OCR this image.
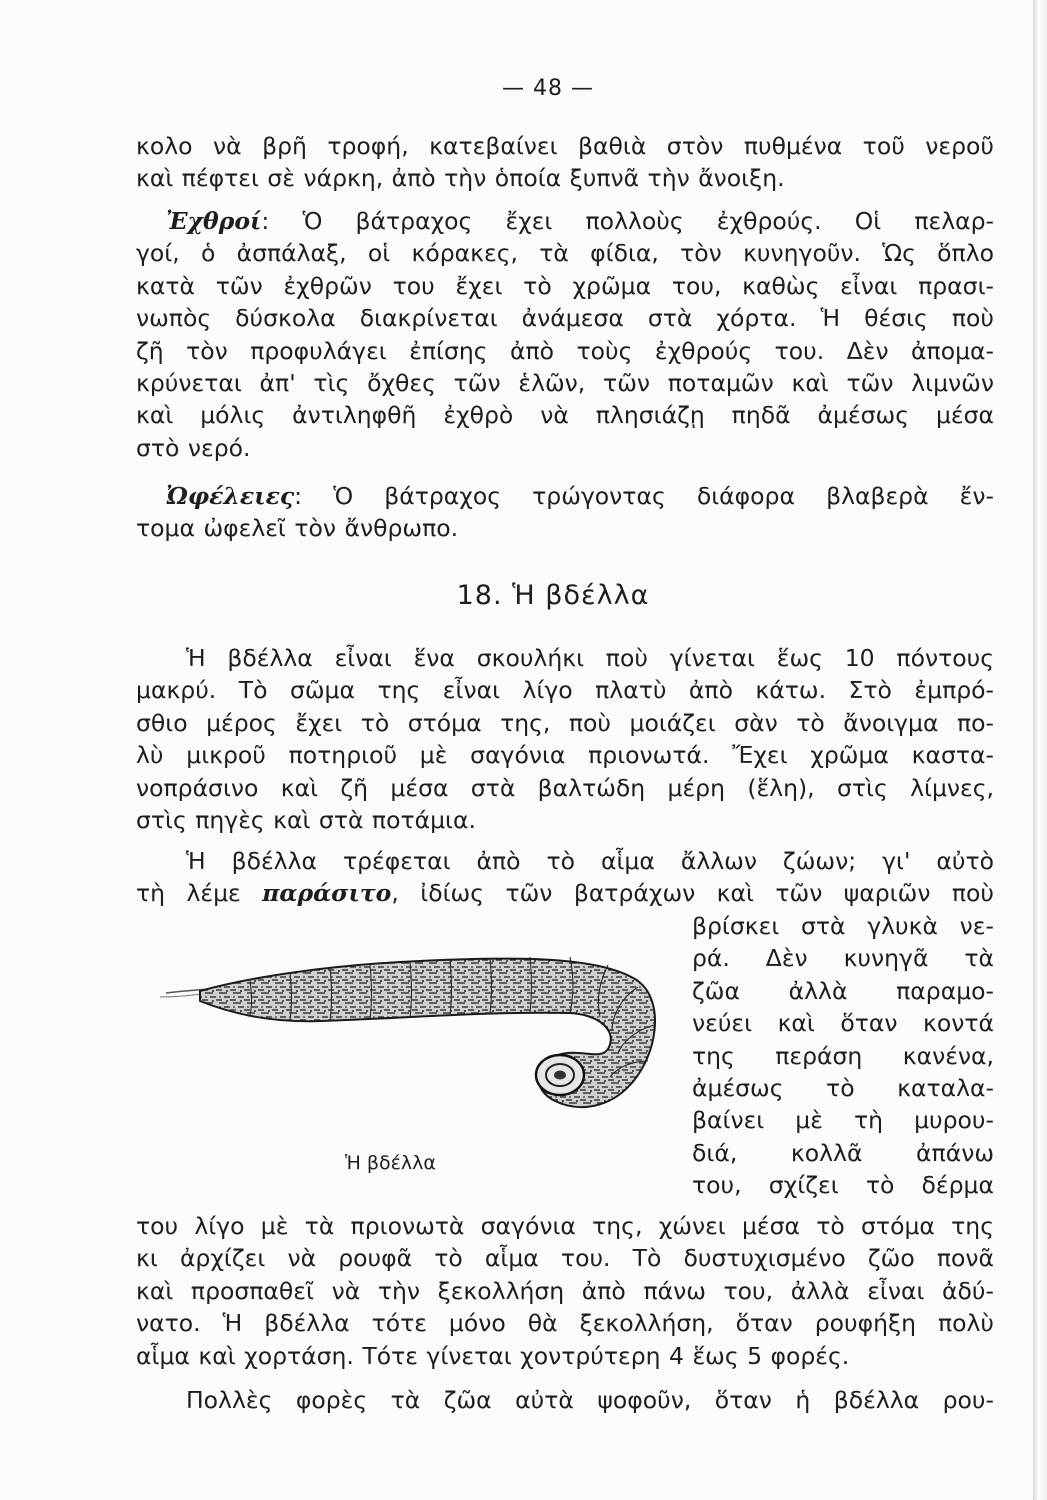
— 48 —
κολο νὰ βρῆ τροφή, κατεβαίνει βαθιὰ στὸν πυθμένα τοῦ νεροῦ
καὶ πέφτει σὲ νάρκη, ἀπὸ τὴν ὁποία ξυπνᾶ τὴν ἄνοιξη.
Ἐχθροί: Ὁ βάτραχος ἔχει πολλοὺς ἐχθρούς. Οἱ πελαρ-
γοί, ὁ ἀσπάλαξ, οἱ κόρακες, τὰ φίδια, τὸν κυνηγοῦν. Ὡς ὅπλο
κατὰ τῶν ἐχθρῶν του ἔχει τὸ χρῶμα του, καθὼς εἶναι πρασι-
νωπὸς δύσκολα διακρίνεται ἀνάμεσα στὰ χόρτα. Ἡ θέσις ποὺ
ζῆ τὸν προφυλάγει ἐπίσης ἀπὸ τοὺς ἐχθρούς του. Δὲν ἀπομα-
κρύνεται ἀπ' τὶς ὄχθες τῶν ἑλῶν, τῶν ποταμῶν καὶ τῶν λιμνῶν
καὶ μόλις ἀντιληφθῆ ἐχθρὸ νὰ πλησιάζῃ πηδᾶ ἀμέσως μέσα
στὸ νερό.
Ὠφέλειες: Ὁ βάτραχος τρώγοντας διάφορα βλαβερὰ ἔν-
τομα ὠφελεῖ τὸν ἄνθρωπο.
18. Ἡ βδέλλα
Ἡ βδέλλα εἶναι ἕνα σκουλήκι ποὺ γίνεται ἕως 10 πόντους
μακρύ. Τὸ σῶμα της εἶναι λίγο πλατὺ ἀπὸ κάτω. Στὸ ἐμπρό-
σθιο μέρος ἔχει τὸ στόμα της, ποὺ μοιάζει σὰν τὸ ἄνοιγμα πο-
λὺ μικροῦ ποτηριοῦ μὲ σαγόνια πριονωτά. Ἔχει χρῶμα καστα-
νοπράσινο καὶ ζῆ μέσα στὰ βαλτώδη μέρη (ἕλη), στὶς λίμνες,
στὶς πηγὲς καὶ στὰ ποτάμια.
Ἡ βδέλλα τρέφεται ἀπὸ τὸ αἷμα ἄλλων ζώων; γι' αὐτὸ
τὴ λέμε παράσιτο, ἰδίως τῶν βατράχων καὶ τῶν ψαριῶν ποὺ
βρίσκει στὰ γλυκὰ νε-
ρά. Δὲν κυνηγᾶ τὰ
ζῶα ἀλλὰ παραμο-
νεύει καὶ ὅταν κοντά
της περάση κανένα,
ἀμέσως τὸ καταλα-
βαίνει μὲ τὴ μυρου-
διά, κολλᾶ ἀπάνω
του, σχίζει τὸ δέρμα
Ἡ βδέλλα
του λίγο μὲ τὰ πριονωτὰ σαγόνια της, χώνει μέσα τὸ στόμα της
κι ἀρχίζει νὰ ρουφᾶ τὸ αἷμα του. Τὸ δυστυχισμένο ζῶο πονᾶ
καὶ προσπαθεῖ νὰ τὴν ξεκολλήση ἀπὸ πάνω του, ἀλλὰ εἶναι ἀδύ-
νατο. Ἡ βδέλλα τότε μόνο θὰ ξεκολλήση, ὅταν ρουφήξη πολὺ
αἷμα καὶ χορτάση. Τότε γίνεται χοντρύτερη 4 ἕως 5 φορές.
Πολλὲς φορὲς τὰ ζῶα αὐτὰ ψοφοῦν, ὅταν ἡ βδέλλα ρου-
